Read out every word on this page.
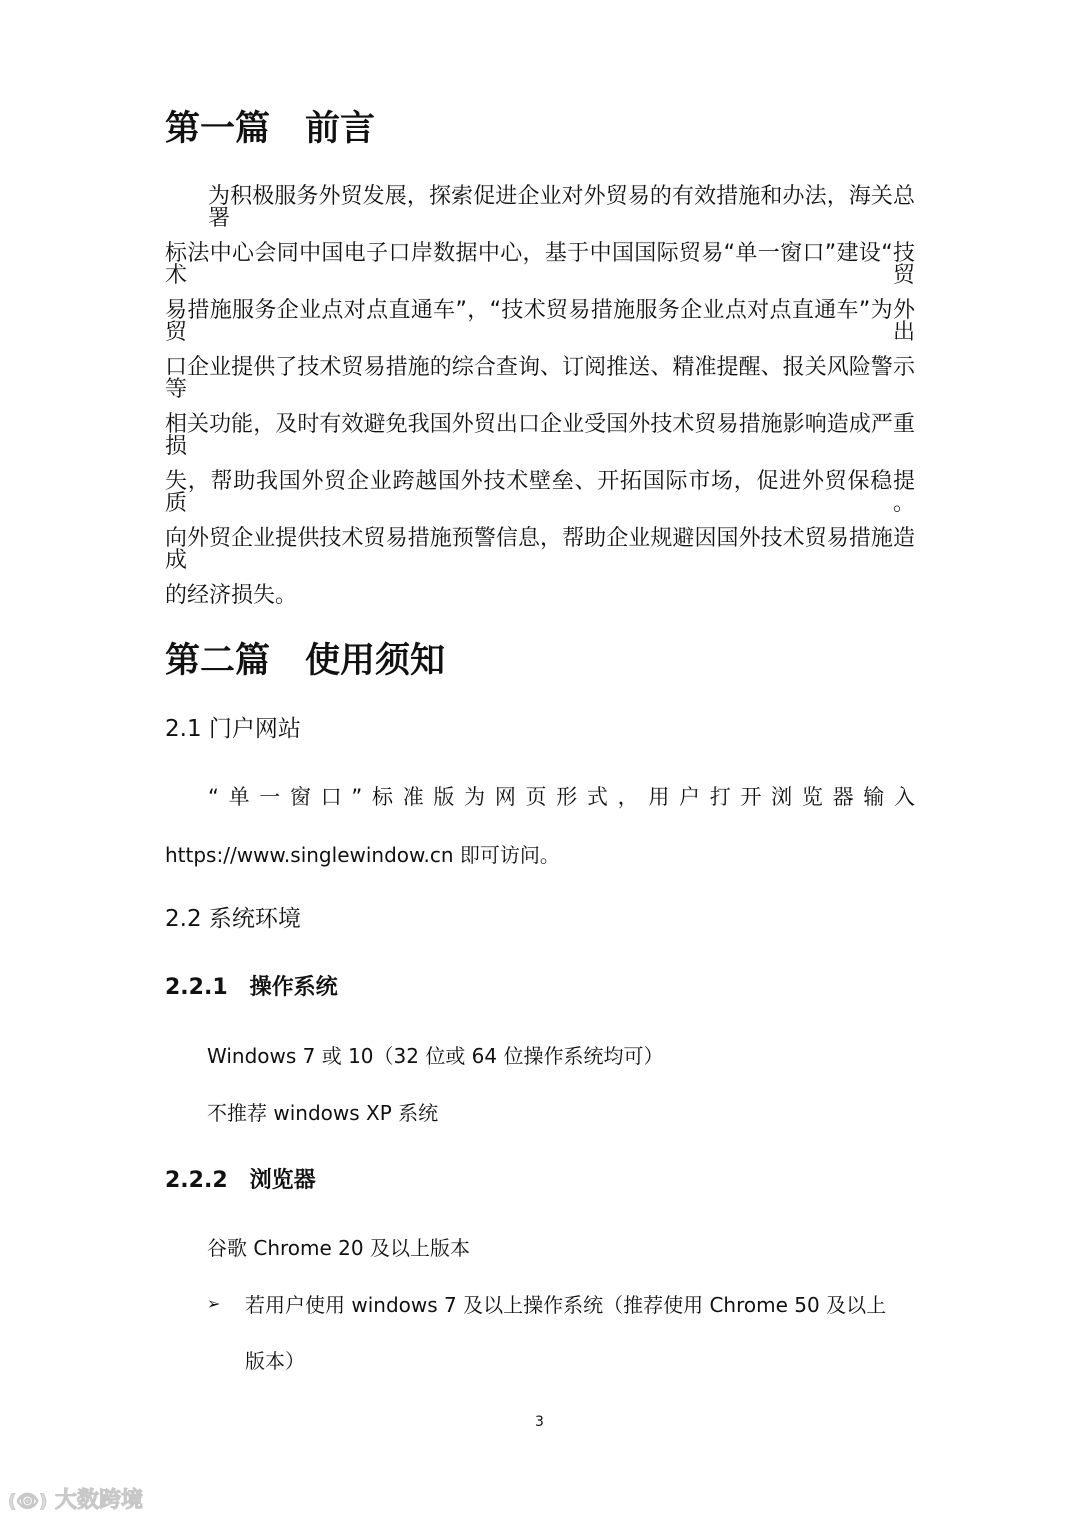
第一篇　前言
为积极服务外贸发展，探索促进企业对外贸易的有效措施和办法，海关总署
标法中心会同中国电子口岸数据中心，基于中国国际贸易“单一窗口”建设“技术贸
易措施服务企业点对点直通车”，“技术贸易措施服务企业点对点直通车”为外贸出
口企业提供了技术贸易措施的综合查询、订阅推送、精准提醒、报关风险警示等
相关功能，及时有效避免我国外贸出口企业受国外技术贸易措施影响造成严重损
失，帮助我国外贸企业跨越国外技术壁垒、开拓国际市场，促进外贸保稳提质。
向外贸企业提供技术贸易措施预警信息，帮助企业规避因国外技术贸易措施造成
的经济损失。
第二篇　使用须知
2.1 门户网站
“单一窗口”标准版为网页形式，用户打开浏览器输入
https://www.singlewindow.cn 即可访问。
2.2 系统环境
2.2.1　操作系统
Windows 7 或 10（32 位或 64 位操作系统均可）
不推荐 windows XP 系统
2.2.2　浏览器
谷歌 Chrome 20 及以上版本
➢ 若用户使用 windows 7 及以上操作系统（推荐使用 Chrome 50 及以上
版本）
3
(👁) 大数跨境
